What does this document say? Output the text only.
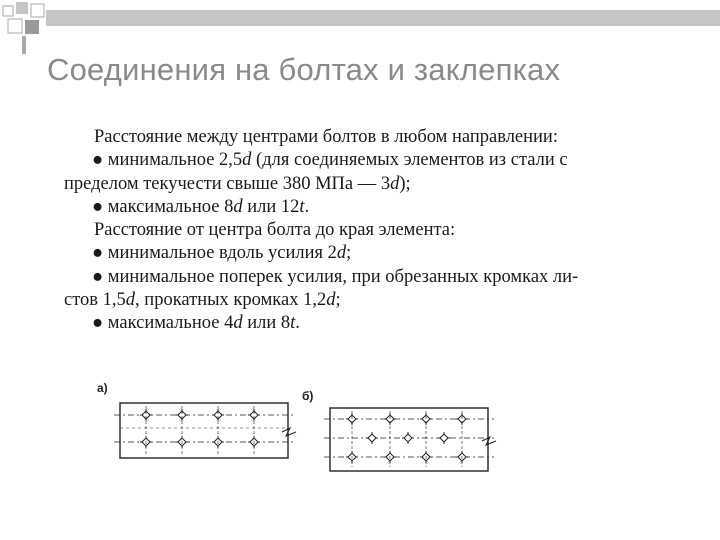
Соединения на болтах и заклепках
Расстояние между центрами болтов в любом направлении:
● минимальное 2,5d (для соединяемых элементов из стали с
пределом текучести свыше 380 МПа — 3d);
● максимальное 8d или 12t.
Расстояние от центра болта до края элемента:
● минимальное вдоль усилия 2d;
● минимальное поперек усилия, при обрезанных кромках ли-
стов 1,5d, прокатных кромках 1,2d;
● максимальное 4d или 8t.
а)
б)
